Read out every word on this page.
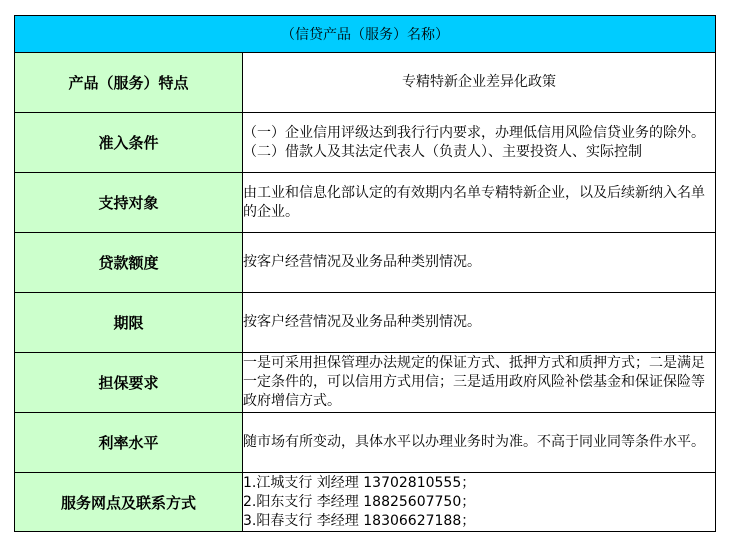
（信贷产品（服务）名称）	
产品（服务）特点	专精特新企业差异化政策

准入条件	（一）企业信用评级达到我行行内要求，办理低信用风险信贷业务的除外。
（二）借款人及其法定代表人（负责人）、主要投资人、实际控制

支持对象	由工业和信息化部认定的有效期内名单专精特新企业，以及后续新纳入名单的企业。

贷款额度	按客户经营情况及业务品种类别情况。

期限	按客户经营情况及业务品种类别情况。

担保要求	一是可采用担保管理办法规定的保证方式、抵押方式和质押方式；二是满足一定条件的，可以信用方式用信；三是适用政府风险补偿基金和保证保险等政府增信方式。

利率水平	随市场有所变动，具体水平以办理业务时为准。不高于同业同等条件水平。

服务网点及联系方式	1.江城支行 刘经理 13702810555；
2.阳东支行 李经理 18825607750；
3.阳春支行 李经理 18306627188；
